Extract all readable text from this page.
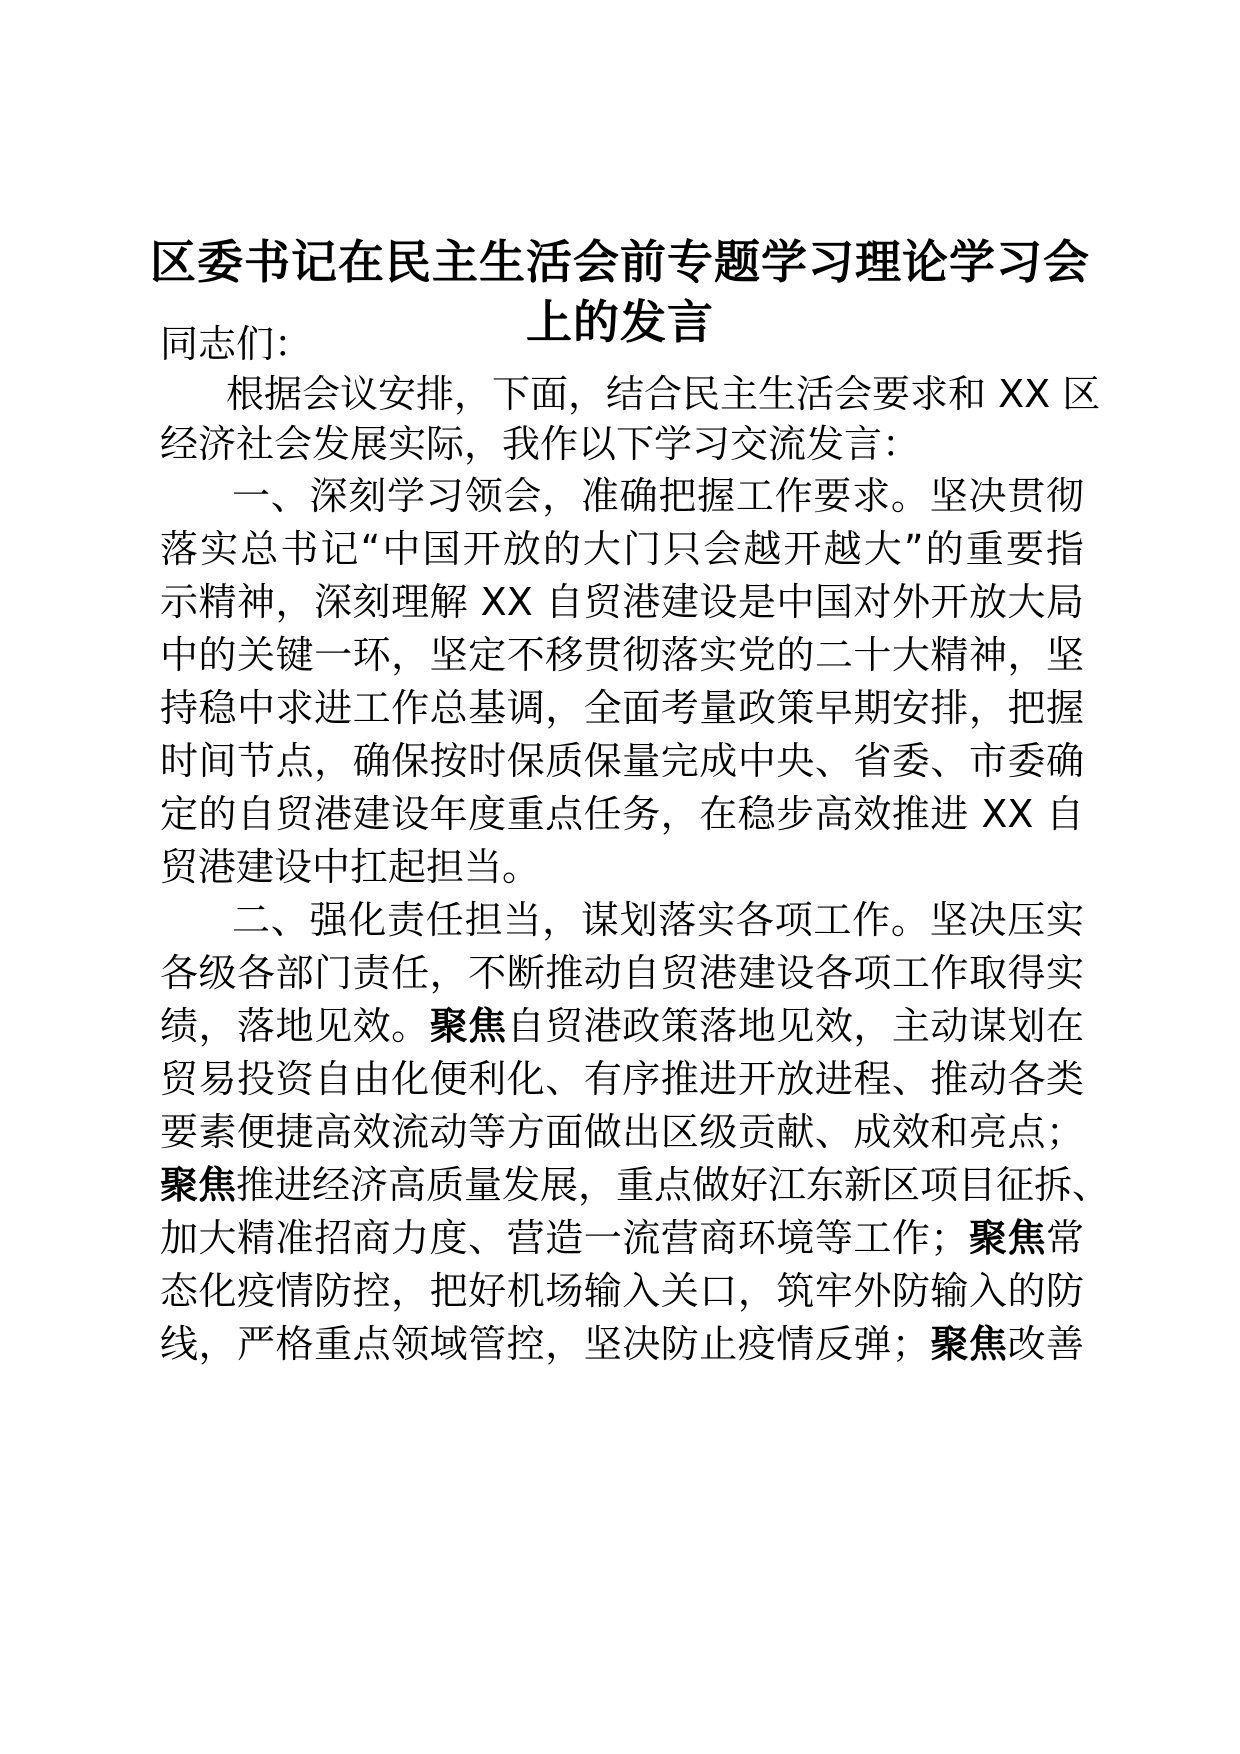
区委书记在民主生活会前专题学习理论学习会
上的发言
同志们：
根据会议安排，下面，结合民主生活会要求和 XX 区
经济社会发展实际，我作以下学习交流发言：
一、深刻学习领会，准确把握工作要求。坚决贯彻
落实总书记“中国开放的大门只会越开越大”的重要指
示精神，深刻理解 XX 自贸港建设是中国对外开放大局
中的关键一环，坚定不移贯彻落实党的二十大精神，坚
持稳中求进工作总基调，全面考量政策早期安排，把握
时间节点，确保按时保质保量完成中央、省委、市委确
定的自贸港建设年度重点任务，在稳步高效推进 XX 自
贸港建设中扛起担当。
二、强化责任担当，谋划落实各项工作。坚决压实
各级各部门责任，不断推动自贸港建设各项工作取得实
绩，落地见效。聚焦自贸港政策落地见效，主动谋划在
贸易投资自由化便利化、有序推进开放进程、推动各类
要素便捷高效流动等方面做出区级贡献、成效和亮点；
聚焦推进经济高质量发展，重点做好江东新区项目征拆、
加大精准招商力度、营造一流营商环境等工作；聚焦常
态化疫情防控，把好机场输入关口，筑牢外防输入的防
线，严格重点领域管控，坚决防止疫情反弹；聚焦改善
